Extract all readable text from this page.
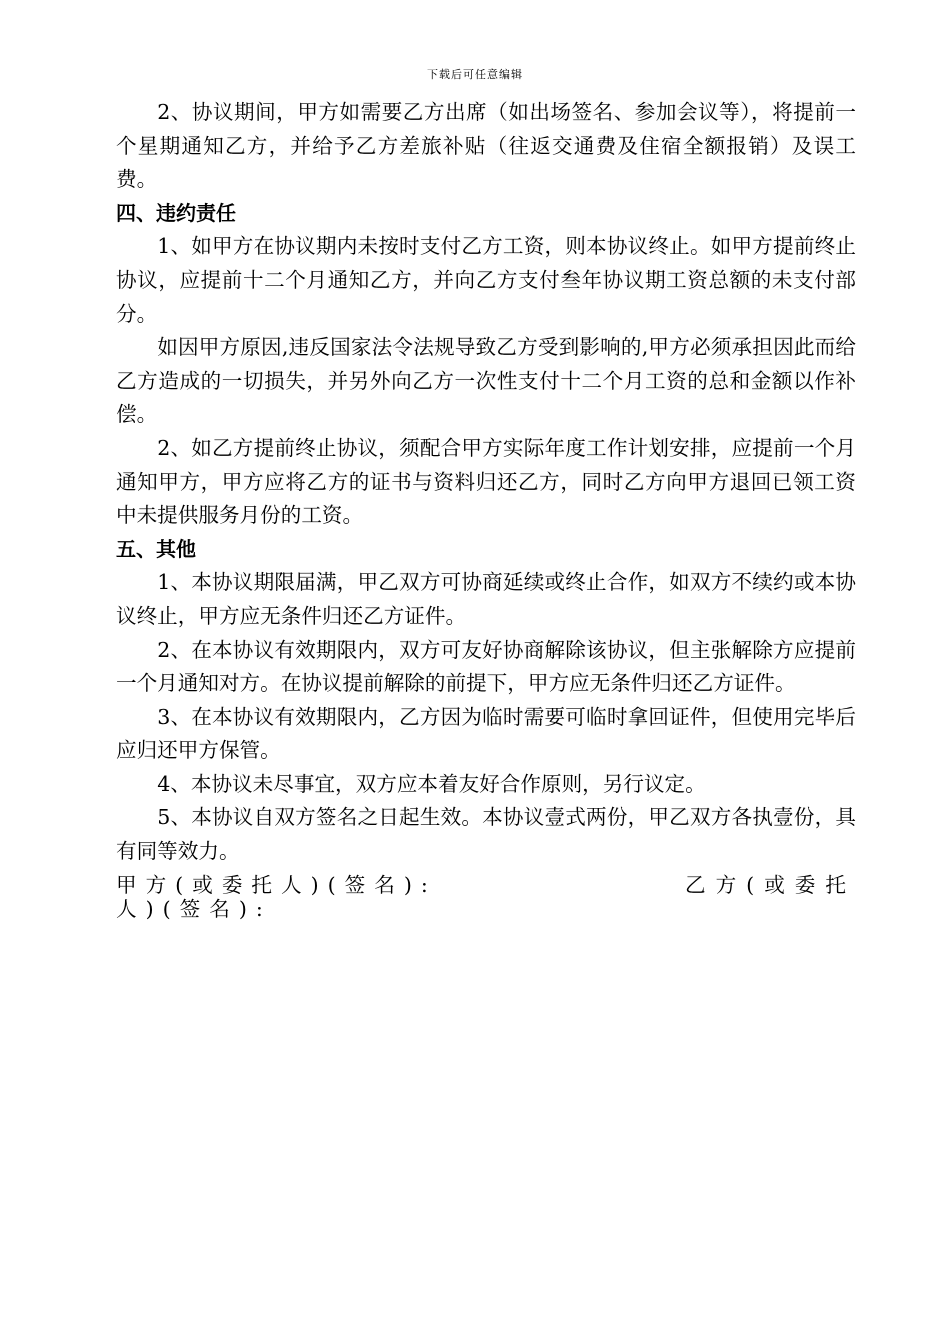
下载后可任意编辑

2、协议期间，甲方如需要乙方出席（如出场签名、参加会议等），将提前一个星期通知乙方，并给予乙方差旅补贴（往返交通费及住宿全额报销）及误工费。

四、违约责任

1、如甲方在协议期内未按时支付乙方工资，则本协议终止。如甲方提前终止协议，应提前十二个月通知乙方，并向乙方支付叁年协议期工资总额的未支付部分。

如因甲方原因,违反国家法令法规导致乙方受到影响的,甲方必须承担因此而给乙方造成的一切损失，并另外向乙方一次性支付十二个月工资的总和金额以作补偿。

2、如乙方提前终止协议，须配合甲方实际年度工作计划安排，应提前一个月通知甲方，甲方应将乙方的证书与资料归还乙方，同时乙方向甲方退回已领工资中未提供服务月份的工资。

五、其他

1、本协议期限届满，甲乙双方可协商延续或终止合作，如双方不续约或本协议终止，甲方应无条件归还乙方证件。

2、在本协议有效期限内，双方可友好协商解除该协议，但主张解除方应提前一个月通知对方。在协议提前解除的前提下，甲方应无条件归还乙方证件。

3、在本协议有效期限内，乙方因为临时需要可临时拿回证件，但使用完毕后应归还甲方保管。

4、本协议未尽事宜，双方应本着友好合作原则，另行议定。

5、本协议自双方签名之日起生效。本协议壹式两份，甲乙双方各执壹份，具有同等效力。

甲方(或委托人)(签名):	乙方(或委托

人)(签名):
